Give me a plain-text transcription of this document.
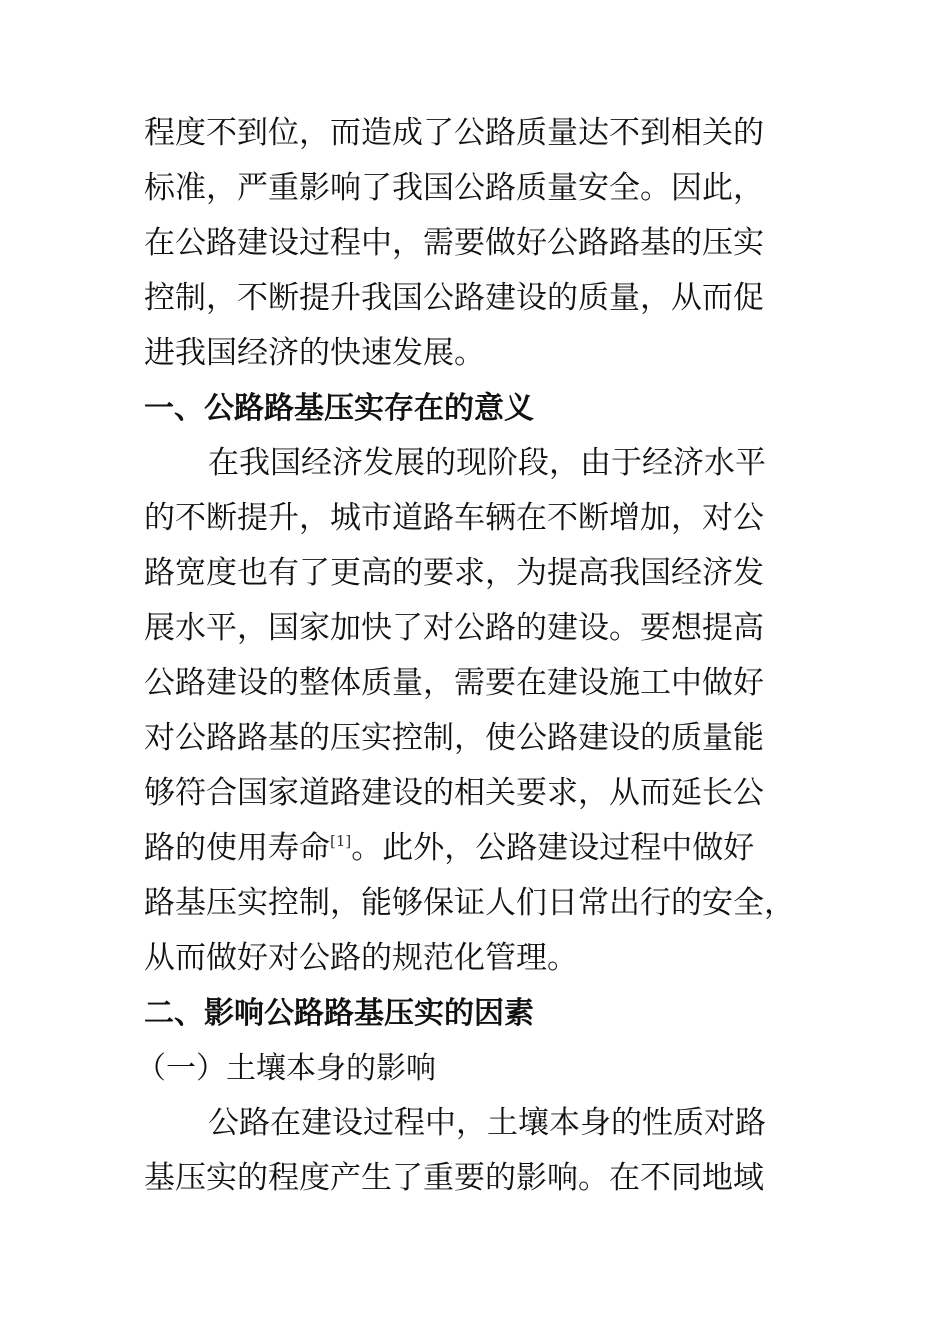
程度不到位，而造成了公路质量达不到相关的
标准，严重影响了我国公路质量安全。因此，
在公路建设过程中，需要做好公路路基的压实
控制，不断提升我国公路建设的质量，从而促
进我国经济的快速发展。
一、公路路基压实存在的意义
在我国经济发展的现阶段，由于经济水平
的不断提升，城市道路车辆在不断增加，对公
路宽度也有了更高的要求，为提高我国经济发
展水平，国家加快了对公路的建设。要想提高
公路建设的整体质量，需要在建设施工中做好
对公路路基的压实控制，使公路建设的质量能
够符合国家道路建设的相关要求，从而延长公
路的使用寿命[1]。此外，公路建设过程中做好
路基压实控制，能够保证人们日常出行的安全，
从而做好对公路的规范化管理。
二、影响公路路基压实的因素
（一）土壤本身的影响
公路在建设过程中，土壤本身的性质对路
基压实的程度产生了重要的影响。在不同地域
